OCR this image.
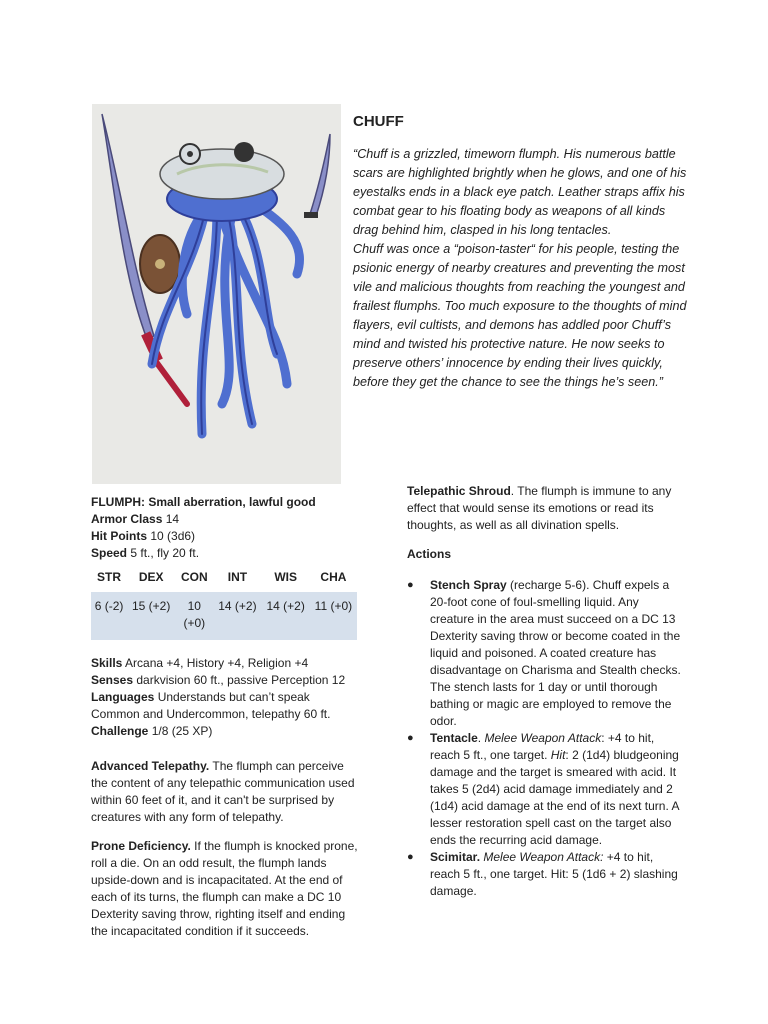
CHUFF

“Chuff is a grizzled, timeworn flumph. His numerous battle scars are highlighted brightly when he glows, and one of his eyestalks ends in a black eye patch. Leather straps affix his combat gear to his floating body as weapons of all kinds drag behind him, clasped in his long tentacles.

Chuff was once a “poison-taster“ for his people, testing the psionic energy of nearby creatures and preventing the most vile and malicious thoughts from reaching the youngest and frailest flumphs. Too much exposure to the thoughts of mind flayers, evil cultists, and demons has addled poor Chuff’s mind and twisted his protective nature. He now seeks to preserve others’ innocence by ending their lives quickly, before they get the chance to see the things he’s seen.”

FLUMPH: Small aberration, lawful good

Armor Class 14

Hit Points 10 (3d6)

Speed 5 ft., fly 20 ft.

STR	DEX	CON	INT	WIS	CHA
6 (-2)	15 (+2)	10 (+0)	14 (+2)	14 (+2)	11 (+0)

Skills Arcana +4, History +4, Religion +4

Senses darkvision 60 ft., passive Perception 12

Languages Understands but can’t speak Common and Undercommon, telepathy 60 ft.

Challenge 1/8 (25 XP)

Advanced Telepathy. The flumph can perceive the content of any telepathic communication used within 60 feet of it, and it can't be surprised by creatures with any form of telepathy.

Prone Deficiency. If the flumph is knocked prone, roll a die. On an odd result, the flumph lands upside-down and is incapacitated. At the end of each of its turns, the flumph can make a DC 10 Dexterity saving throw, righting itself and ending the incapacitated condition if it succeeds.

Telepathic Shroud. The flumph is immune to any effect that would sense its emotions or read its thoughts, as well as all divination spells.

Actions
● Stench Spray (recharge 5-6). Chuff expels a 20-foot cone of foul-smelling liquid. Any creature in the area must succeed on a DC 13 Dexterity saving throw or become coated in the liquid and poisoned. A coated creature has disadvantage on Charisma and Stealth checks. The stench lasts for 1 day or until thorough bathing or magic are employed to remove the odor.
● Tentacle. Melee Weapon Attack: +4 to hit, reach 5 ft., one target. Hit: 2 (1d4) bludgeoning damage and the target is smeared with acid. It takes 5 (2d4) acid damage immediately and 2 (1d4) acid damage at the end of its next turn. A lesser restoration spell cast on the target also ends the recurring acid damage.
● Scimitar. Melee Weapon Attack: +4 to hit, reach 5 ft., one target. Hit: 5 (1d6 + 2) slashing damage.
